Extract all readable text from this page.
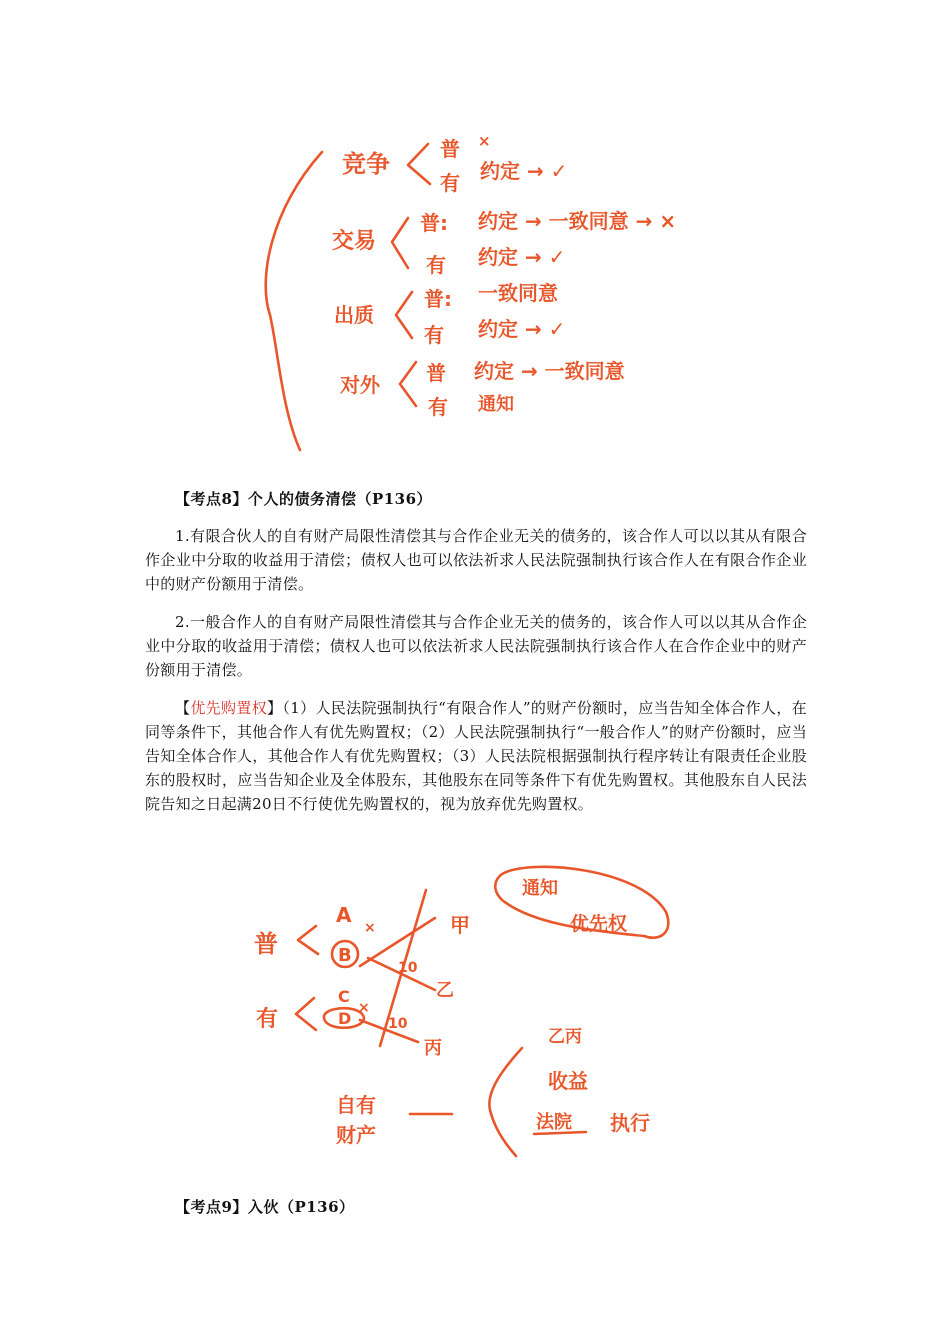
竞争
普
有
×
约定 → ✓
交易
普:
有
约定 → 一致同意 → ×
约定 → ✓
出质
普:
有
一致同意
约定 → ✓
对外 普
有
约定 → 一致同意
通知
【考点8】个人的债务清偿（P136）

1.有限合伙人的自有财产局限性清偿其与合作企业无关的债务的，该合作人可以以其从有限合作企业中分取的收益用于清偿；债权人也可以依法祈求人民法院强制执行该合作人在有限合作企业中的财产份额用于清偿。

2.一般合作人的自有财产局限性清偿其与合作企业无关的债务的，该合作人可以以其从合作企业中分取的收益用于清偿；债权人也可以依法祈求人民法院强制执行该合作人在合作企业中的财产份额用于清偿。

【优先购置权】（1）人民法院强制执行“有限合作人”的财产份额时，应当告知全体合作人，在同等条件下，其他合作人有优先购置权；（2）人民法院强制执行“一般合作人”的财产份额时，应当告知全体合作人，其他合作人有优先购置权；（3）人民法院根据强制执行程序转让有限责任企业股东的股权时，应当告知企业及全体股东，其他股东在同等条件下有优先购置权。其他股东自人民法院告知之日起满20日不行使优先购置权的，视为放弃优先购置权。

普
A
B
×
10
甲
乙
有
C
D
×
10
丙
通知
优先权
自有
财产
乙丙
收益
法院 执行
【考点9】入伙（P136）
